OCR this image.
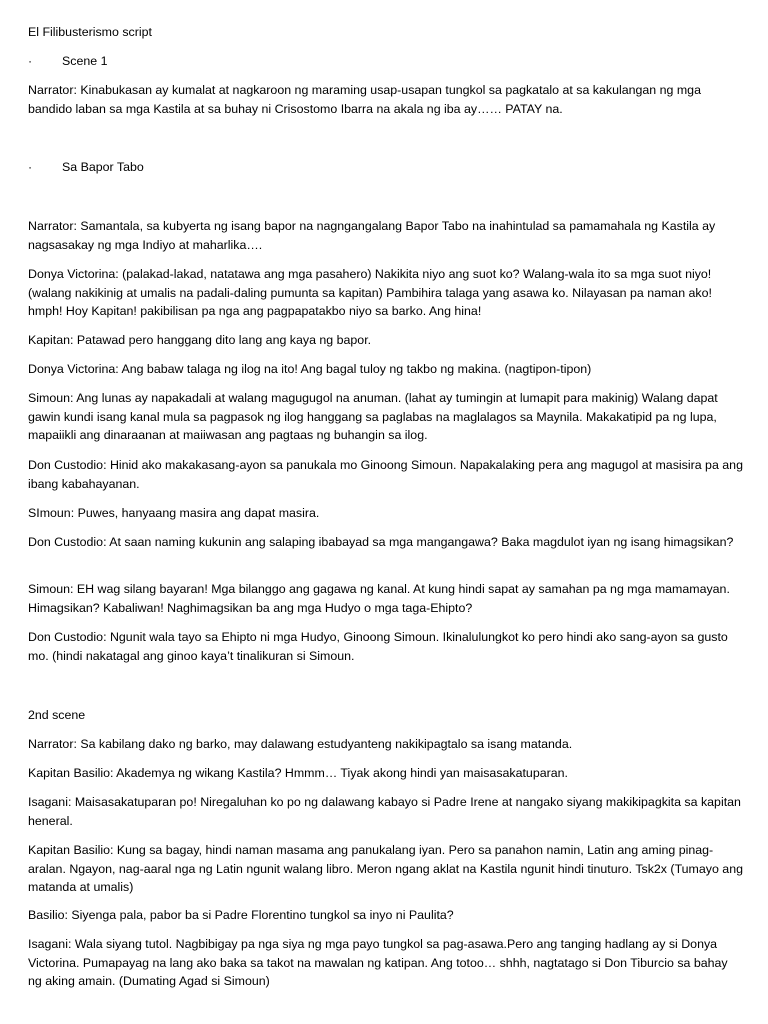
El Filibusterismo script

· Scene 1

Narrator: Kinabukasan ay kumalat at nagkaroon ng maraming usap-usapan tungkol sa pagkatalo at sa kakulangan ng mga bandido laban sa mga Kastila at sa buhay ni Crisostomo Ibarra na akala ng iba ay…… PATAY na.

· Sa Bapor Tabo

Narrator: Samantala, sa kubyerta ng isang bapor na nagngangalang Bapor Tabo na inahintulad sa pamamahala ng Kastila ay nagsasakay ng mga Indiyo at maharlika….

Donya Victorina: (palakad-lakad, natatawa ang mga pasahero) Nakikita niyo ang suot ko? Walang-wala ito sa mga suot niyo! (walang nakikinig at umalis na padali-daling pumunta sa kapitan) Pambihira talaga yang asawa ko. Nilayasan pa naman ako! hmph! Hoy Kapitan! pakibilisan pa nga ang pagpapatakbo niyo sa barko. Ang hina!

Kapitan: Patawad pero hanggang dito lang ang kaya ng bapor.

Donya Victorina: Ang babaw talaga ng ilog na ito! Ang bagal tuloy ng takbo ng makina. (nagtipon-tipon)

Simoun: Ang lunas ay napakadali at walang magugugol na anuman. (lahat ay tumingin at lumapit para makinig) Walang dapat gawin kundi isang kanal mula sa pagpasok ng ilog hanggang sa paglabas na maglalagos sa Maynila. Makakatipid pa ng lupa, mapaiikli ang dinaraanan at maiiwasan ang pagtaas ng buhangin sa ilog.

Don Custodio: Hinid ako makakasang-ayon sa panukala mo Ginoong Simoun. Napakalaking pera ang magugol at masisira pa ang ibang kabahayanan.

SImoun: Puwes, hanyaang masira ang dapat masira.

Don Custodio: At saan naming kukunin ang salaping ibabayad sa mga mangangawa? Baka magdulot iyan ng isang himagsikan?

Simoun: EH wag silang bayaran! Mga bilanggo ang gagawa ng kanal. At kung hindi sapat ay samahan pa ng mga mamamayan. Himagsikan? Kabaliwan! Naghimagsikan ba ang mga Hudyo o mga taga-Ehipto?

Don Custodio: Ngunit wala tayo sa Ehipto ni mga Hudyo, Ginoong Simoun. Ikinalulungkot ko pero hindi ako sang-ayon sa gusto mo. (hindi nakatagal ang ginoo kaya’t tinalikuran si Simoun.

2nd scene

Narrator: Sa kabilang dako ng barko, may dalawang estudyanteng nakikipagtalo sa isang matanda.

Kapitan Basilio: Akademya ng wikang Kastila? Hmmm… Tiyak akong hindi yan maisasakatuparan.

Isagani: Maisasakatuparan po! Niregaluhan ko po ng dalawang kabayo si Padre Irene at nangako siyang makikipagkita sa kapitan heneral.

Kapitan Basilio: Kung sa bagay, hindi naman masama ang panukalang iyan. Pero sa panahon namin, Latin ang aming pinag-aralan. Ngayon, nag-aaral nga ng Latin ngunit walang libro. Meron ngang aklat na Kastila ngunit hindi tinuturo. Tsk2x (Tumayo ang matanda at umalis)

Basilio: Siyenga pala, pabor ba si Padre Florentino tungkol sa inyo ni Paulita?

Isagani: Wala siyang tutol. Nagbibigay pa nga siya ng mga payo tungkol sa pag-asawa.Pero ang tanging hadlang ay si Donya Victorina. Pumapayag na lang ako baka sa takot na mawalan ng katipan. Ang totoo… shhh, nagtatago si Don Tiburcio sa bahay ng aking amain. (Dumating Agad si Simoun)
